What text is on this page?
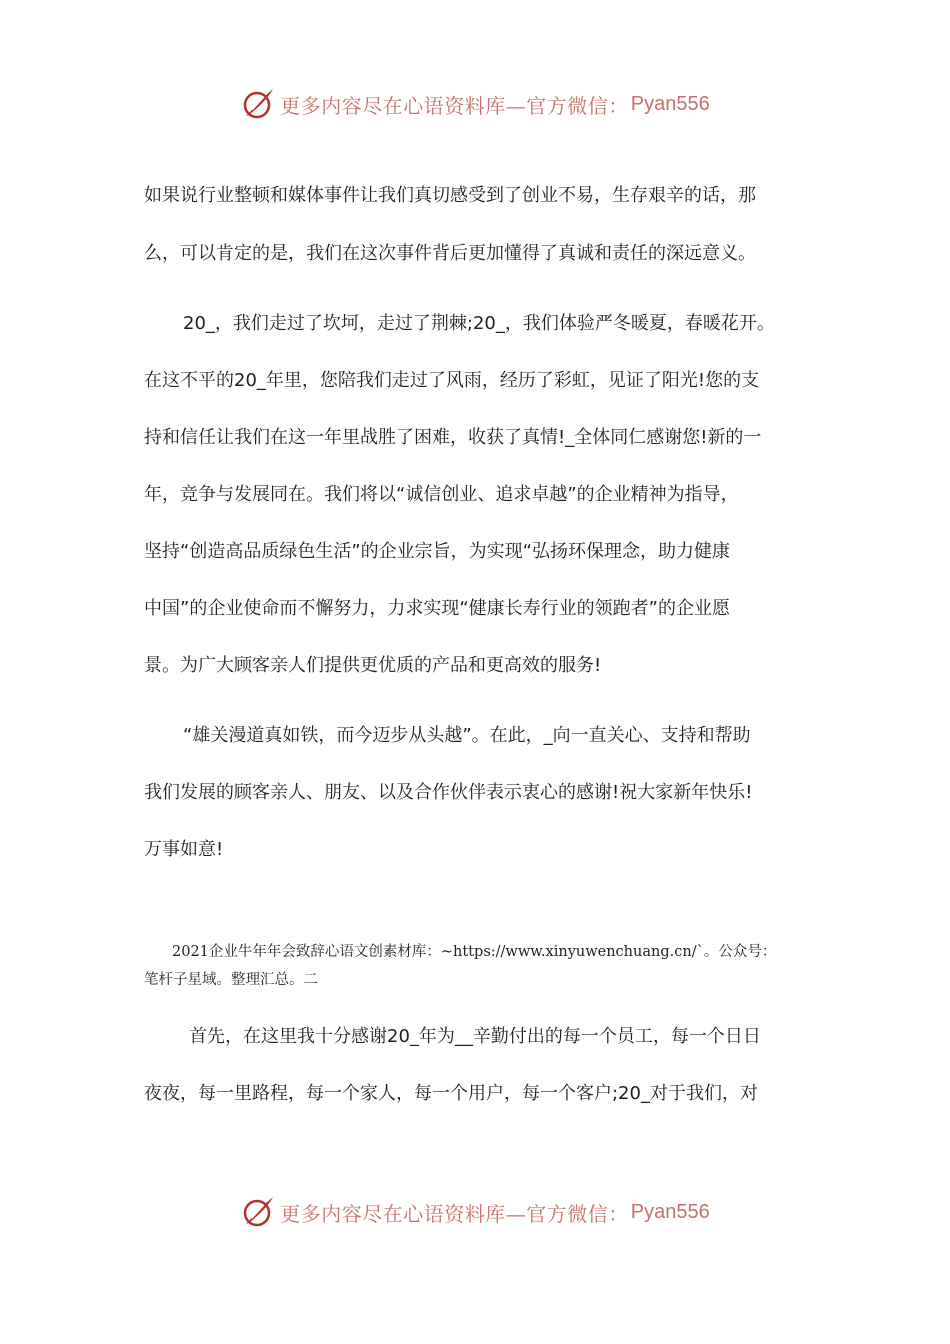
更多内容尽在心语资料库—官方微信： Pyan556
如果说行业整顿和媒体事件让我们真切感受到了创业不易，生存艰辛的话，那
么，可以肯定的是，我们在这次事件背后更加懂得了真诚和责任的深远意义。
20_，我们走过了坎坷，走过了荆棘;20_，我们体验严冬暖夏，春暖花开。
在这不平的20_年里，您陪我们走过了风雨，经历了彩虹，见证了阳光!您的支
持和信任让我们在这一年里战胜了困难，收获了真情!_全体同仁感谢您!新的一
年，竞争与发展同在。我们将以“诚信创业、追求卓越”的企业精神为指导，
坚持“创造高品质绿色生活”的企业宗旨，为实现“弘扬环保理念，助力健康
中国”的企业使命而不懈努力，力求实现“健康长寿行业的领跑者”的企业愿
景。为广大顾客亲人们提供更优质的产品和更高效的服务!
“雄关漫道真如铁，而今迈步从头越”。在此，_向一直关心、支持和帮助
我们发展的顾客亲人、朋友、以及合作伙伴表示衷心的感谢!祝大家新年快乐!
万事如意!
2021企业牛年年会致辞心语文创素材库：~https://www.xinyuwenchuang.cn/`。公众号：
笔杆子星域。整理汇总。二
首先，在这里我十分感谢20_年为__辛勤付出的每一个员工，每一个日日
夜夜，每一里路程，每一个家人，每一个用户，每一个客户;20_对于我们，对
更多内容尽在心语资料库—官方微信： Pyan556
